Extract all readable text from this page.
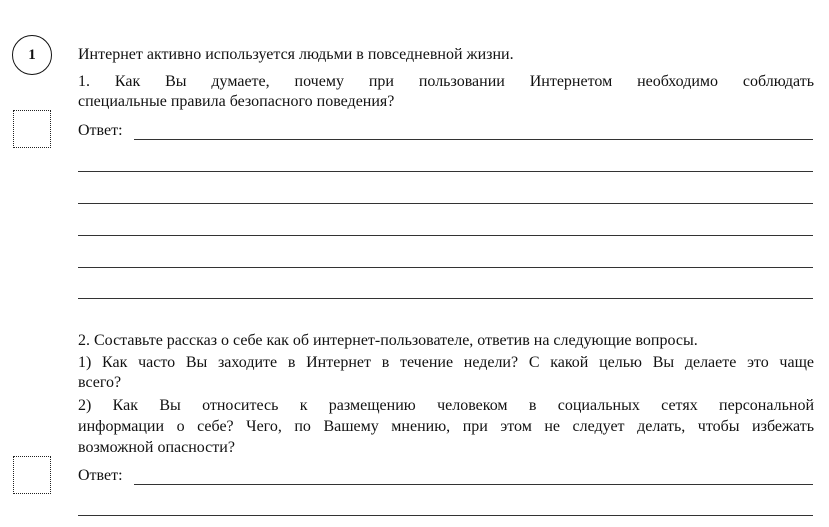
1	Интернет активно используется людьми в повседневной жизни.
1. Как Вы думаете, почему при пользовании Интернетом необходимо соблюдать
специальные правила безопасного поведения?
Ответ:
2. Составьте рассказ о себе как об интернет-пользователе, ответив на следующие вопросы.
1) Как часто Вы заходите в Интернет в течение недели? С какой целью Вы делаете это чаще
всего?
2) Как Вы относитесь к размещению человеком в социальных сетях персональной
информации о себе? Чего, по Вашему мнению, при этом не следует делать, чтобы избежать
возможной опасности?
Ответ:
